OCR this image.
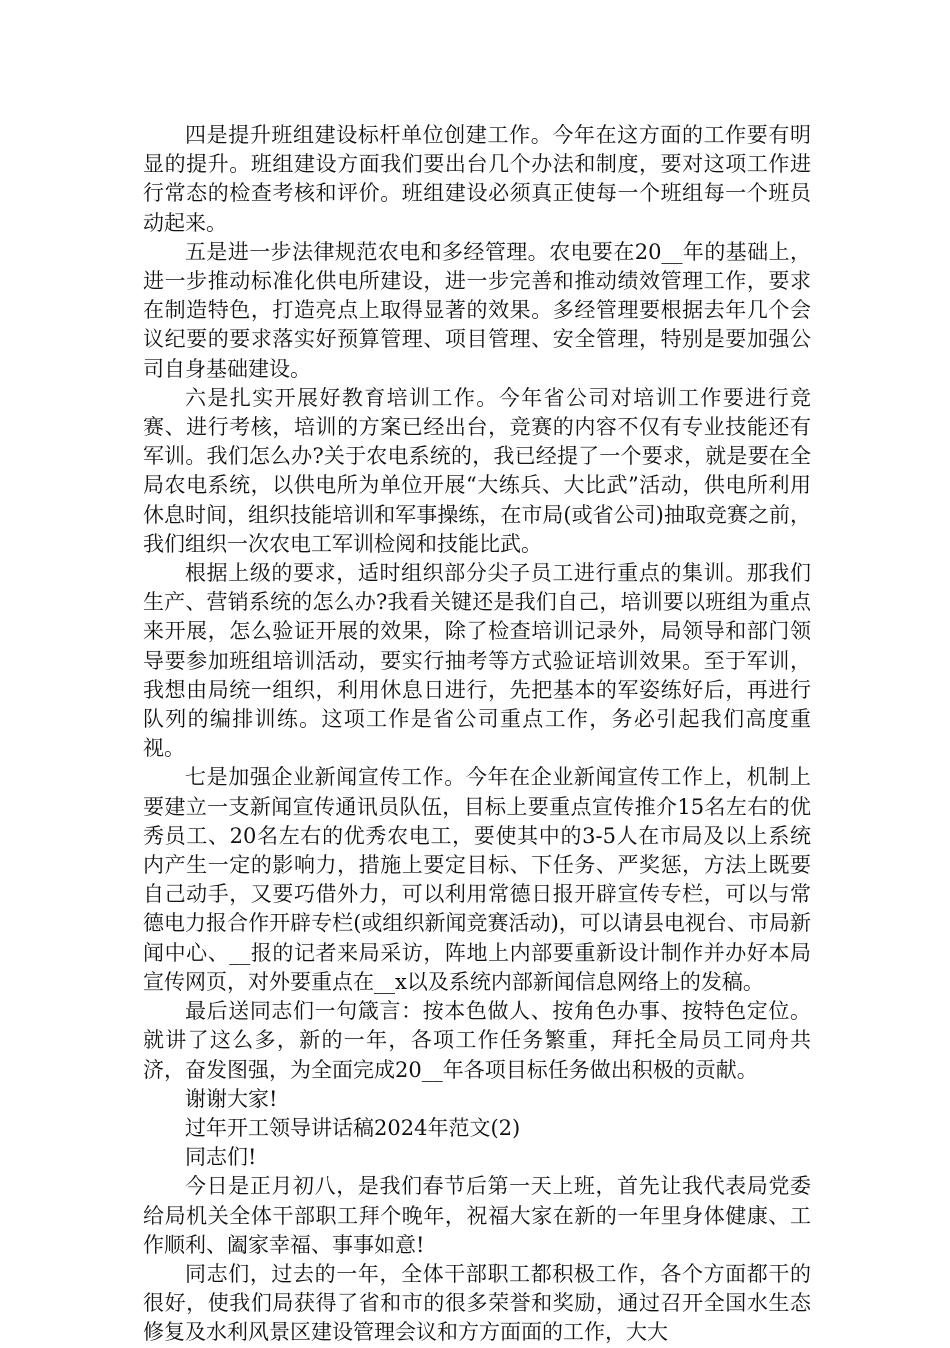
四是提升班组建设标杆单位创建工作。今年在这方面的工作要有明显的提升。班组建设方面我们要出台几个办法和制度，要对这项工作进行常态的检查考核和评价。班组建设必须真正使每一个班组每一个班员动起来。

五是进一步法律规范农电和多经管理。农电要在20__年的基础上，进一步推动标准化供电所建设，进一步完善和推动绩效管理工作，要求在制造特色，打造亮点上取得显著的效果。多经管理要根据去年几个会议纪要的要求落实好预算管理、项目管理、安全管理，特别是要加强公司自身基础建设。

六是扎实开展好教育培训工作。今年省公司对培训工作要进行竞赛、进行考核，培训的方案已经出台，竞赛的内容不仅有专业技能还有军训。我们怎么办?关于农电系统的，我已经提了一个要求，就是要在全局农电系统，以供电所为单位开展“大练兵、大比武”活动，供电所利用休息时间，组织技能培训和军事操练，在市局(或省公司)抽取竞赛之前，我们组织一次农电工军训检阅和技能比武。

根据上级的要求，适时组织部分尖子员工进行重点的集训。那我们生产、营销系统的怎么办?我看关键还是我们自己，培训要以班组为重点来开展，怎么验证开展的效果，除了检查培训记录外，局领导和部门领导要参加班组培训活动，要实行抽考等方式验证培训效果。至于军训，我想由局统一组织，利用休息日进行，先把基本的军姿练好后，再进行队列的编排训练。这项工作是省公司重点工作，务必引起我们高度重视。

七是加强企业新闻宣传工作。今年在企业新闻宣传工作上，机制上要建立一支新闻宣传通讯员队伍，目标上要重点宣传推介15名左右的优秀员工、20名左右的优秀农电工，要使其中的3-5人在市局及以上系统内产生一定的影响力，措施上要定目标、下任务、严奖惩，方法上既要自己动手，又要巧借外力，可以利用常德日报开辟宣传专栏，可以与常德电力报合作开辟专栏(或组织新闻竞赛活动)，可以请县电视台、市局新闻中心、__报的记者来局采访，阵地上内部要重新设计制作并办好本局宣传网页，对外要重点在__x以及系统内部新闻信息网络上的发稿。

最后送同志们一句箴言：按本色做人、按角色办事、按特色定位。就讲了这么多，新的一年，各项工作任务繁重，拜托全局员工同舟共济，奋发图强，为全面完成20__年各项目标任务做出积极的贡献。

谢谢大家!

过年开工领导讲话稿2024年范文(2)

同志们!

今日是正月初八，是我们春节后第一天上班，首先让我代表局党委给局机关全体干部职工拜个晚年，祝福大家在新的一年里身体健康、工作顺利、阖家幸福、事事如意!

同志们，过去的一年，全体干部职工都积极工作，各个方面都干的很好，使我们局获得了省和市的很多荣誉和奖励，通过召开全国水生态修复及水利风景区建设管理会议和方方面面的工作，大大
